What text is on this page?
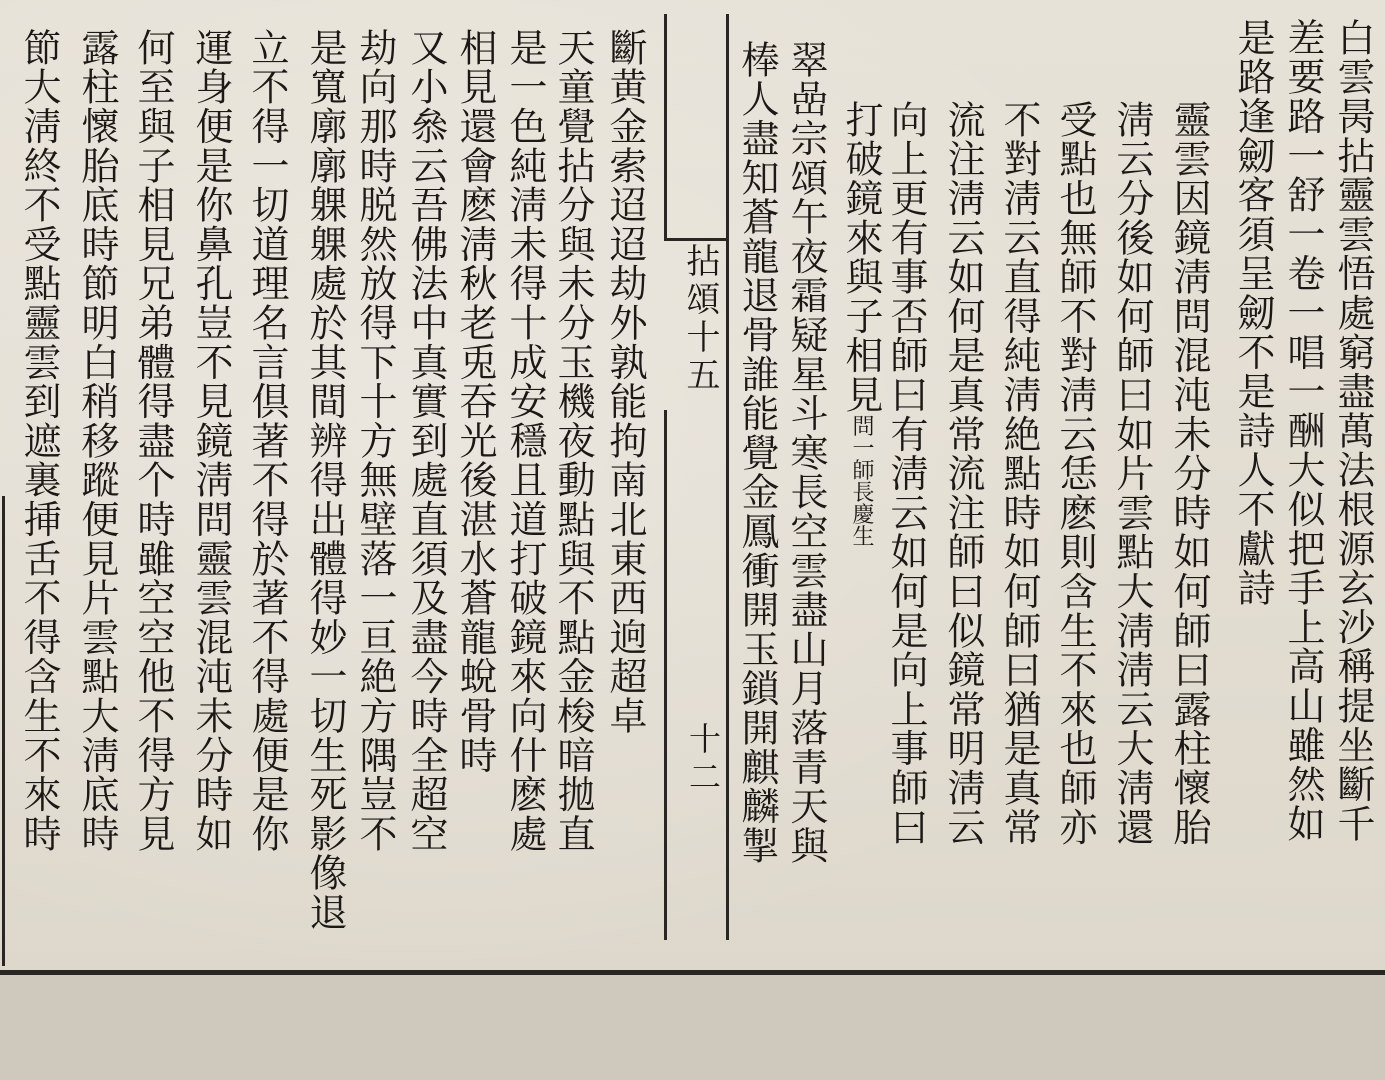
拈頌十五
十二	白雲昺拈靈雲悟處窮盡萬法根源玄沙稱提坐斷千
差要路一舒一卷一唱一酬大似把手上高山雖然如
是路逢劒客須呈劒不是詩人不獻詩
靈雲因鏡淸問混沌未分時如何師曰露柱懷胎
淸云分後如何師曰如片雲點大淸淸云大淸還
受點也無師不對淸云恁麽則含生不來也師亦
不對淸云直得純淸絶點時如何師曰猶是真常
流注淸云如何是真常流注師曰似鏡常明淸云
向上更有事否師曰有淸云如何是向上事師曰
打破鏡來與子相見問一師長慶生
翠嵒宗頌午夜霜疑星斗寒長空雲盡山月落青天與
棒人盡知蒼龍退骨誰能覺金鳳衝開玉鎖開麒麟掣
斷黄金索迢迢劫外孰能拘南北東西逈超卓
天童覺拈分與未分玉機夜動點與不點金梭暗拋直
是一色純淸未得十成安穩且道打破鏡來向什麽處
相見還會麽淸秋老兎吞光後湛水蒼龍蛻骨時
又小叅云吾佛法中真實到處直須及盡今時全超空
劫向那時脱然放得下十方無壁落一亘絶方隅豈不
是寬廓廓躶躶處於其間辨得出體得妙一切生死影像退
立不得一切道理名言倶著不得於著不得處便是你
運身便是你鼻孔豈不見鏡淸問靈雲混沌未分時如
何至與子相見兄弟體得盡个時雖空空他不得方見
露柱懷胎底時節明白稍移蹤便見片雲點大淸底時
節大淸終不受點靈雲到遮裏挿舌不得含生不來時
